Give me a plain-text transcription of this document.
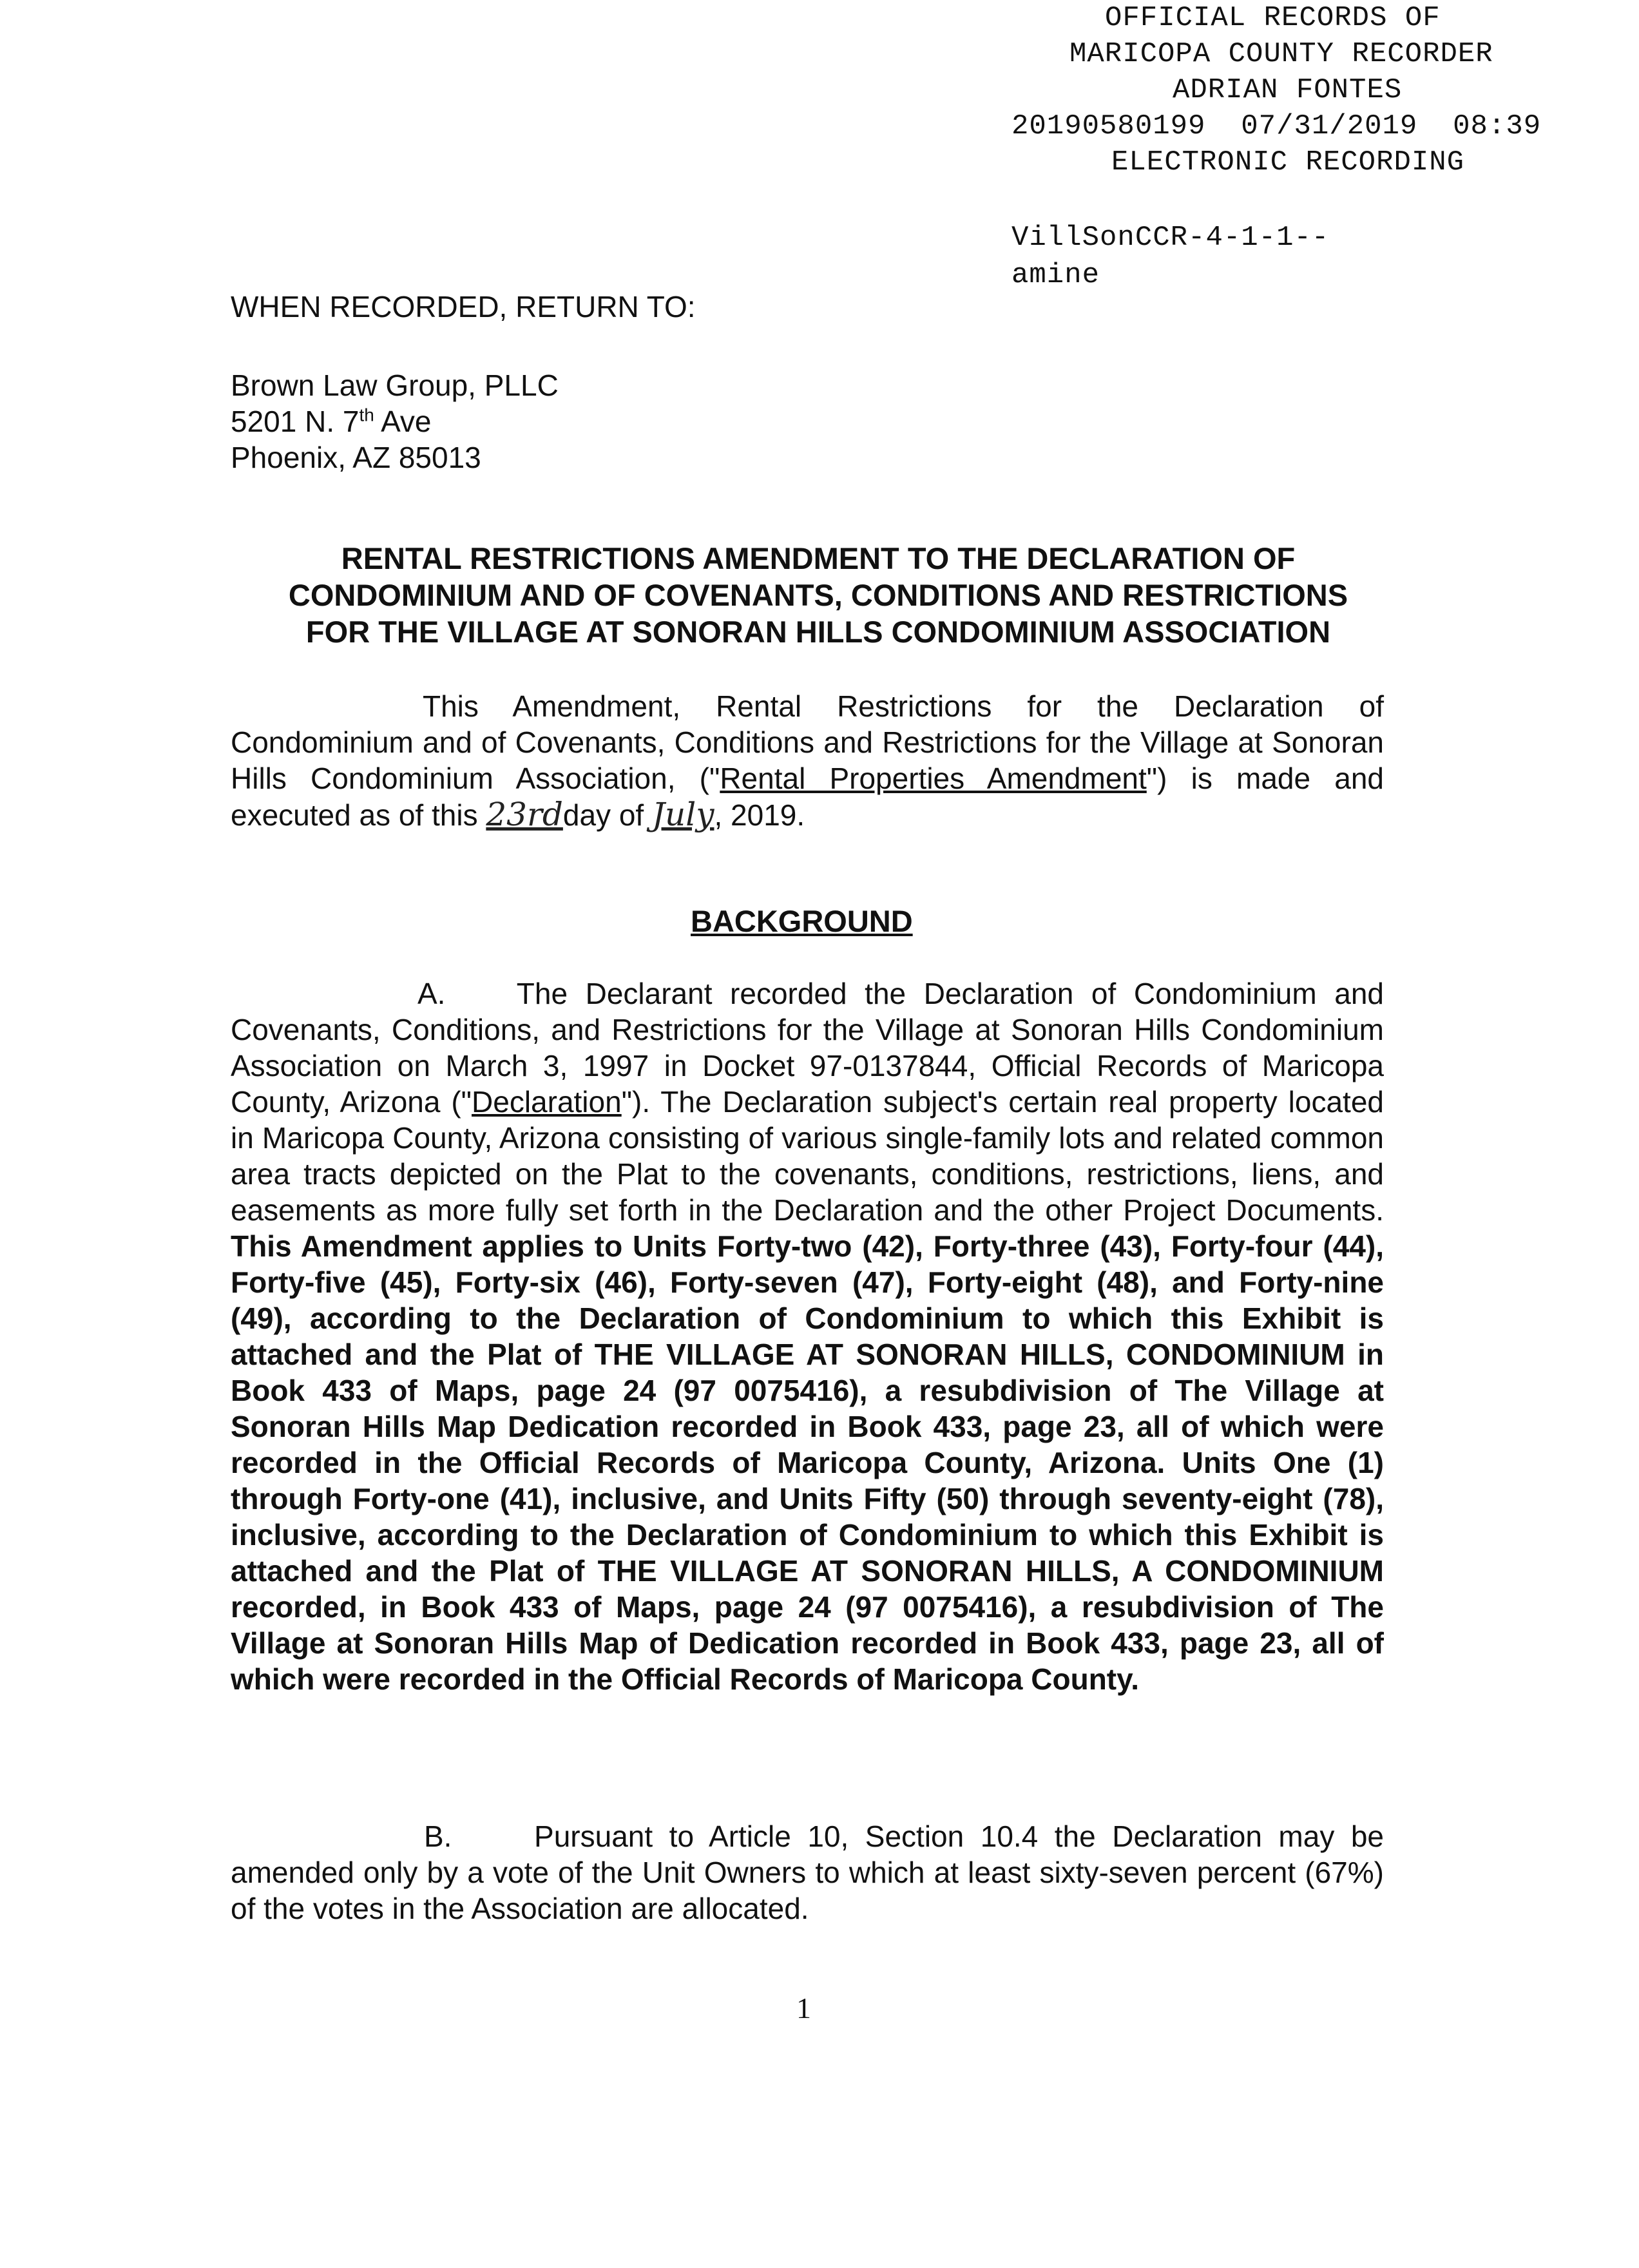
OFFICIAL RECORDS OF
MARICOPA COUNTY RECORDER
ADRIAN FONTES
20190580199 07/31/2019 08:39
ELECTRONIC RECORDING
VillSonCCR-4-1-1--
amine
WHEN RECORDED, RETURN TO:
Brown Law Group, PLLC
5201 N. 7th Ave
Phoenix, AZ 85013
RENTAL RESTRICTIONS AMENDMENT TO THE DECLARATION OF
CONDOMINIUM AND OF COVENANTS, CONDITIONS AND RESTRICTIONS
FOR THE VILLAGE AT SONORAN HILLS CONDOMINIUM ASSOCIATION

This Amendment, Rental Restrictions for the Declaration of Condominium and of Covenants, Conditions and Restrictions for the Village at Sonoran Hills Condominium Association, ("Rental Properties Amendment") is made and executed as of this 23rdday of July, 2019.

BACKGROUND

A. The Declarant recorded the Declaration of Condominium and Covenants, Conditions, and Restrictions for the Village at Sonoran Hills Condominium Association on March 3, 1997 in Docket 97-0137844, Official Records of Maricopa County, Arizona ("Declaration"). The Declaration subject's certain real property located in Maricopa County, Arizona consisting of various single-family lots and related common area tracts depicted on the Plat to the covenants, conditions, restrictions, liens, and easements as more fully set forth in the Declaration and the other Project Documents. This Amendment applies to Units Forty-two (42), Forty-three (43), Forty-four (44), Forty-five (45), Forty-six (46), Forty-seven (47), Forty-eight (48), and Forty-nine (49), according to the Declaration of Condominium to which this Exhibit is attached and the Plat of THE VILLAGE AT SONORAN HILLS, CONDOMINIUM in Book 433 of Maps, page 24 (97 0075416), a resubdivision of The Village at Sonoran Hills Map Dedication recorded in Book 433, page 23, all of which were recorded in the Official Records of Maricopa County, Arizona. Units One (1) through Forty-one (41), inclusive, and Units Fifty (50) through seventy-eight (78), inclusive, according to the Declaration of Condominium to which this Exhibit is attached and the Plat of THE VILLAGE AT SONORAN HILLS, A CONDOMINIUM recorded, in Book 433 of Maps, page 24 (97 0075416), a resubdivision of The Village at Sonoran Hills Map of Dedication recorded in Book 433, page 23, all of which were recorded in the Official Records of Maricopa County.

B.	Pursuant to Article 10, Section 10.4 the Declaration may be amended only by a vote of the Unit Owners to which at least sixty-seven percent (67%) of the votes in the Association are allocated.

1
